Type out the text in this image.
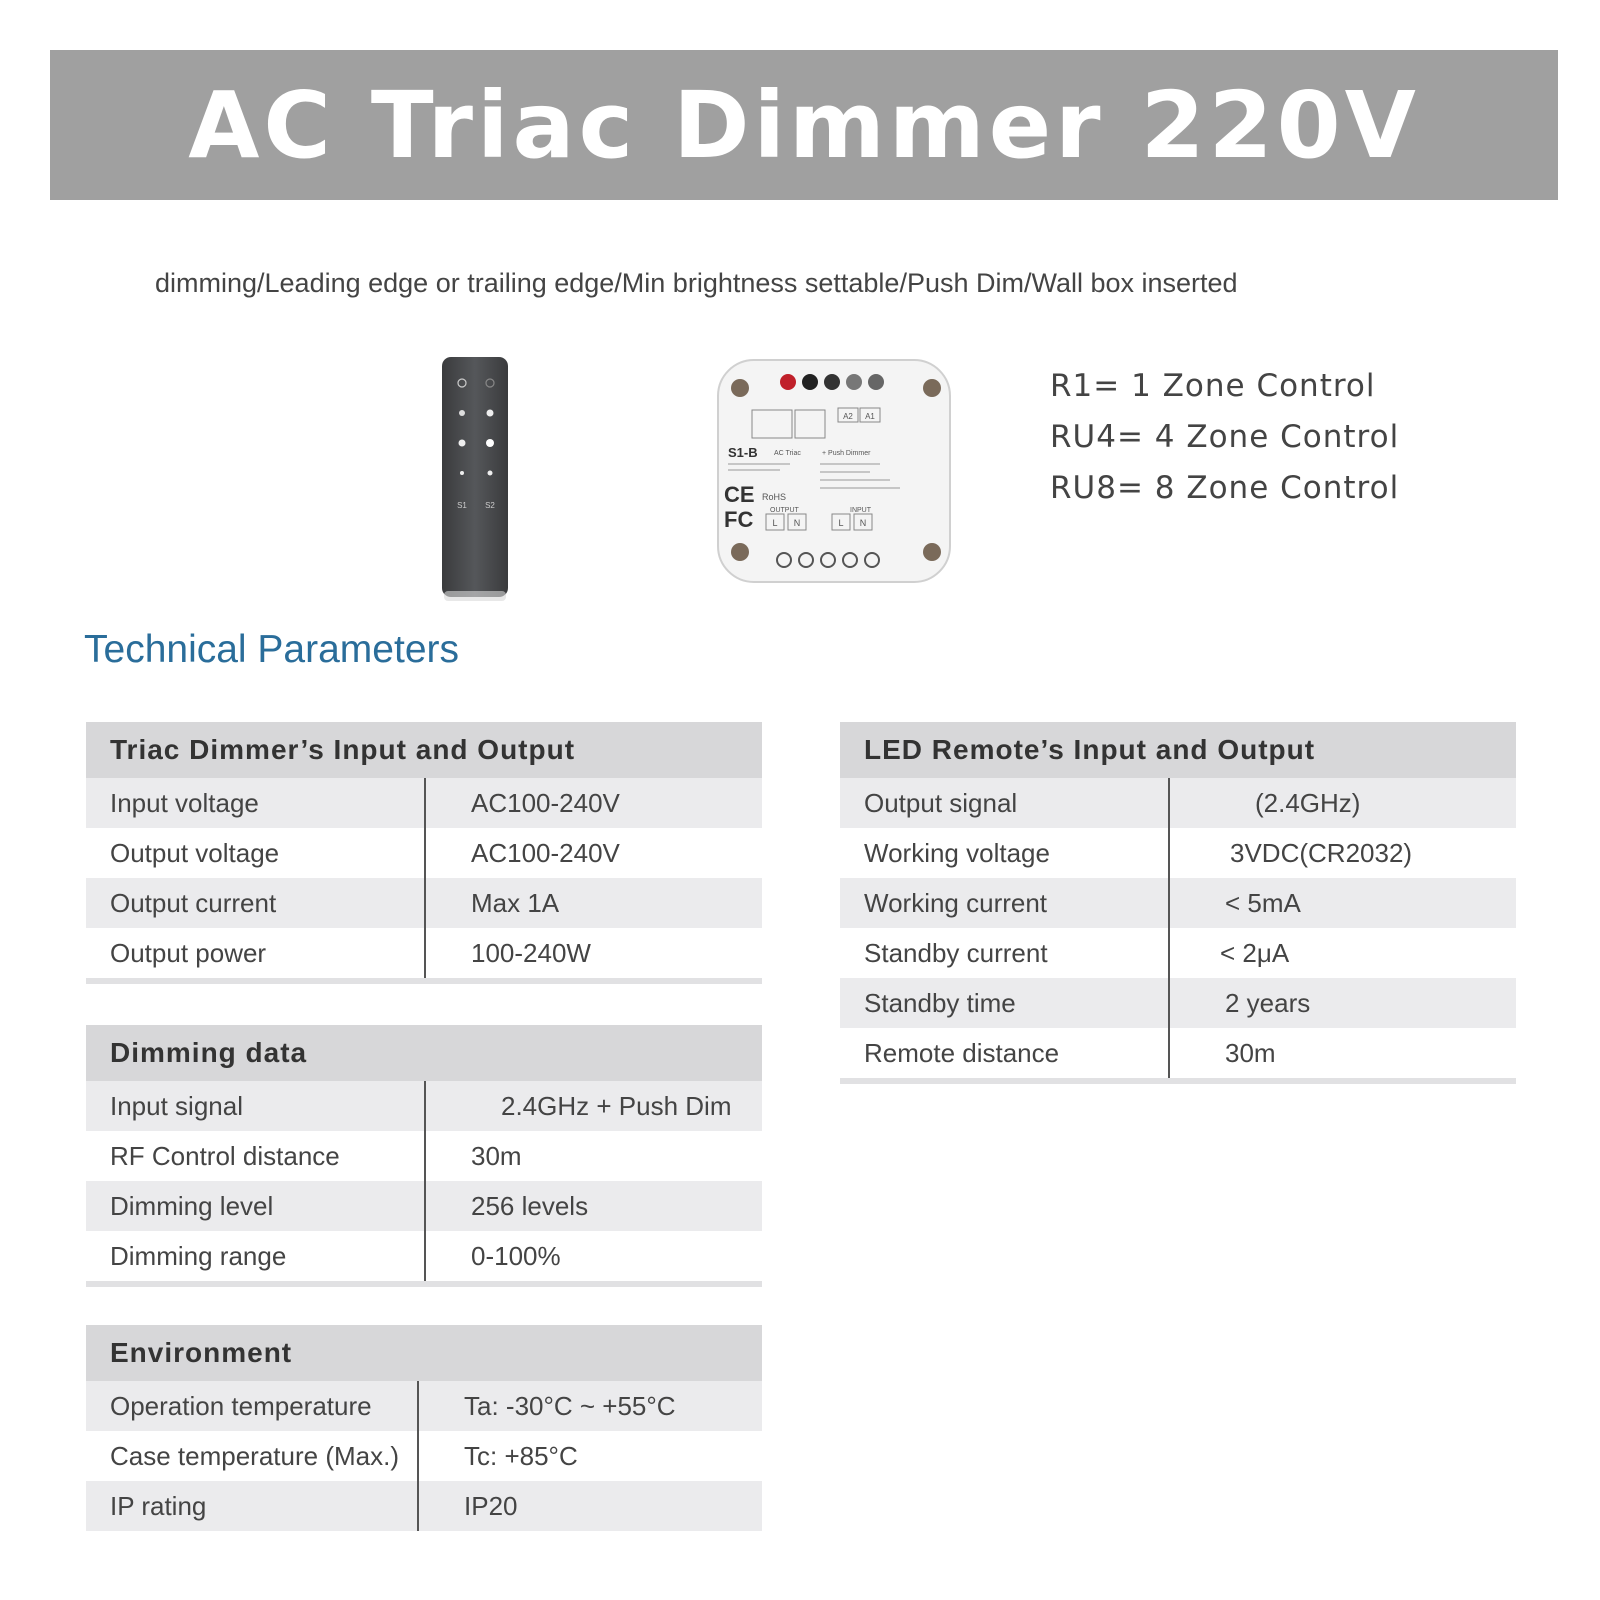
AC Triac Dimmer 220V
dimming/Leading edge or trailing edge/Min brightness settable/Push Dim/Wall box inserted
S1 S2
A2 A1
S1-B AC Triac	+ Push Dimmer
CE
FC
RoHS
OUTPUT	INPUT
L N	L N
R1= 1 Zone Control
RU4= 4 Zone Control
RU8= 8 Zone Control
Technical Parameters
Triac Dimmer’s Input and Output
Input voltage	AC100-240V
Output voltage	AC100-240V
Output current	Max 1A
Output power	100-240W
Dimming data
Input signal	2.4GHz + Push Dim
RF Control distance	30m
Dimming level	256 levels
Dimming range	0-100%
Environment
Operation temperature	Ta: -30°C ~ +55°C
Case temperature (Max.)	Tc: +85°C
IP rating	IP20
LED Remote’s Input and Output
Output signal	(2.4GHz)
Working voltage	3VDC(CR2032)
Working current	< 5mA
Standby current	< 2μA
Standby time	2 years
Remote distance	30m
